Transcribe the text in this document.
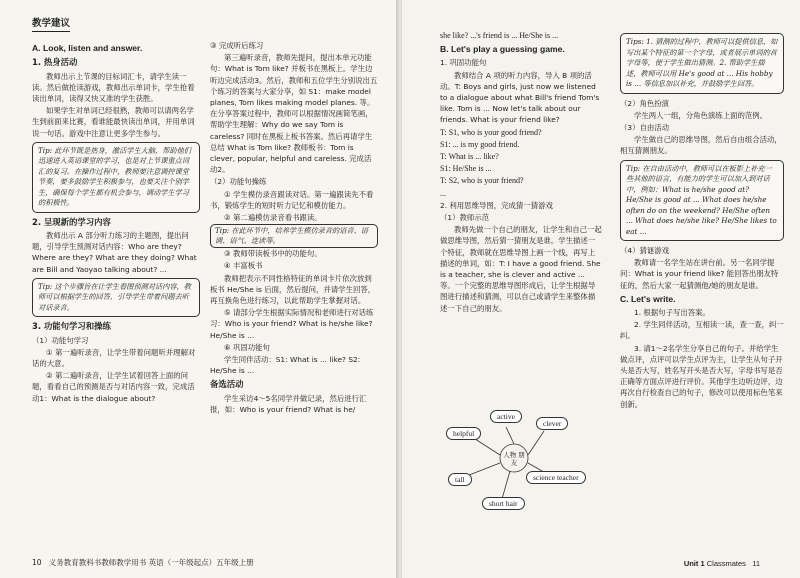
教学建议
A. Look, listen and answer.
1. 热身活动

教师出示上节课的目标词汇卡，请学生读一读。然后做抢读游戏，教师出示单词卡，学生抢着读出单词，读得又快又准的学生获胜。

如果学生对单词已经很熟，教师可以请两名学生到前面来比赛，看谁能最快读出单词，并用单词说一句话。游戏中注意让更多学生参与。

Tip: 此环节既是热身，激活学生大脑，帮助他们迅速进入英语课堂的学习，也是对上节课重点词汇的复习。在操作过程中，教师要注意调控课堂节奏，要多鼓励学生积极参与，也要关注个别学生，确保每个学生都有机会参与，调动学生学习的积极性。
2. 呈现新的学习内容

教师出示 A 部分听力练习的主题图，提出问题，引导学生预测对话内容：Who are they? Where are they? What are they doing? What are Bill and Yaoyao talking about? ...

Tip: 这个步骤旨在让学生看图预测对话内容，教师可以根据学生的回答，引导学生带着问题去听对话录音。
3. 功能句学习和操练

（1）功能句学习

① 第一遍听录音，让学生带着问题听并理解对话的大意。

② 第二遍听录音，让学生试着回答上面的问题，看看自己的预测是否与对话内容一致，完成活动1：What is the dialogue about?

③ 完成听后练习

第三遍听录音，教师先提问，提出本单元功能句：What is Tom like? 并板书在黑板上。学生边听边完成活动3。然后，教师和五位学生分别说出五个练习的答案与大家分享，如 S1：make model planes, Tom likes making model planes. 等。在分享答案过程中，教师可以根据情况画简笔画，帮助学生理解：Why do we say Tom is careless? 同时在黑板上板书答案。然后再请学生总结 What is Tom like? 教师板书：Tom is clever, popular, helpful and careless. 完成活动2。

（2）功能句操练

① 学生模仿录音跟读对话。第一遍跟读先不看书，锻炼学生的短时听力记忆和模仿能力。

② 第二遍模仿录音看书跟读。

Tip: 在此环节中，培养学生模仿录音的语音、语调、语气、连读等。

③ 教师带读板书中的功能句。

④ 丰富板书

教师把表示不同性格特征的单词卡片依次放到板书 He/She is 后面，然后提问，并请学生回答，再互换角色进行练习，以此帮助学生掌握对话。

⑤ 请部分学生根据实际情况和老师进行对话练习：Who is your friend? What is he/she like? He/She is ...

⑥ 巩固功能句

学生同伴活动：S1: What is ... like? S2: He/She is ...

备选活动

学生采访4～5名同学并做记录，然后进行汇报，如：Who is your friend? What is he/

10 义务教育教科书教师教学用书 英语（一年级起点）五年级上册

she like? ...'s friend is ... He/She is ...

B. Let's play a guessing game.

1. 巩固功能句

教师结合 A 项的听力内容，导入 B 项的活动。T: Boys and girls, just now we listened to a dialogue about what Bill's friend Tom's like. Tom is ... Now let's talk about our friends. What is your friend like?

T: S1, who is your good friend?

S1: ... is my good friend.

T: What is ... like?

S1: He/She is ...

T: S2, who is your friend?

...

2. 利用思维导图，完成猜一猜游戏

（1）教师示范

教师先做一个自己的朋友，让学生和自己一起做思维导图，然后猜一猜朋友是谁。学生描述一个特征，教师就在思维导图上画一个线，再写上描述的单词，如：T: I have a good friend. She is a teacher, she is clever and active ... 等。一个完整的思维导图形成后，让学生根据导图进行描述和猜测，可以自己或请学生来整体描述一下自己的朋友。

Tips: 1. 猜测的过程中，教师可以提供信息，如写出某个特征的第一个字母，或者展示单词的首字母等，便于学生做出猜测。2. 帮助学生描述，教师可以用 He's good at ... His hobby is ... 等信息加以补充，并鼓励学生回答。

（2）角色扮演

学生两人一组，分角色演练上面的范例。

（3）自由活动

学生做自己的思维导图，然后自由组合活动，相互猜测朋友。

Tip: 在自由活动中，教师可以在板影上补充一些其他的语言，有能力的学生可以加入到对话中，例如：What is he/she good at? He/She is good at ... What does he/she often do on the weekend? He/She often ... What does he/she like? He/She likes to eat ...

（4）猜谜游戏

教师请一名学生站在讲台前。另一名同学提问：What is your friend like? 能回答出朋友特征的，然后大家一起猜测他/她的朋友是谁。

C. Let's write.

1. 根据句子写出答案。

2. 学生同伴活动，互相读一读，查一查，纠一纠。

3. 请1～2名学生分享自己的句子。并给学生做点评，点评可以学生点评为主，让学生从句子开头是否大写，姓名写开头是否大写，字母书写是否正确等方面点评进行评价。其他学生边听边评，边再次自行检查自己的句子，修改可以使用标色笔来创新。

Unit 1 Classmates 11
人物 朋友
active
clever
helpful
tall	science teacher
short hair
